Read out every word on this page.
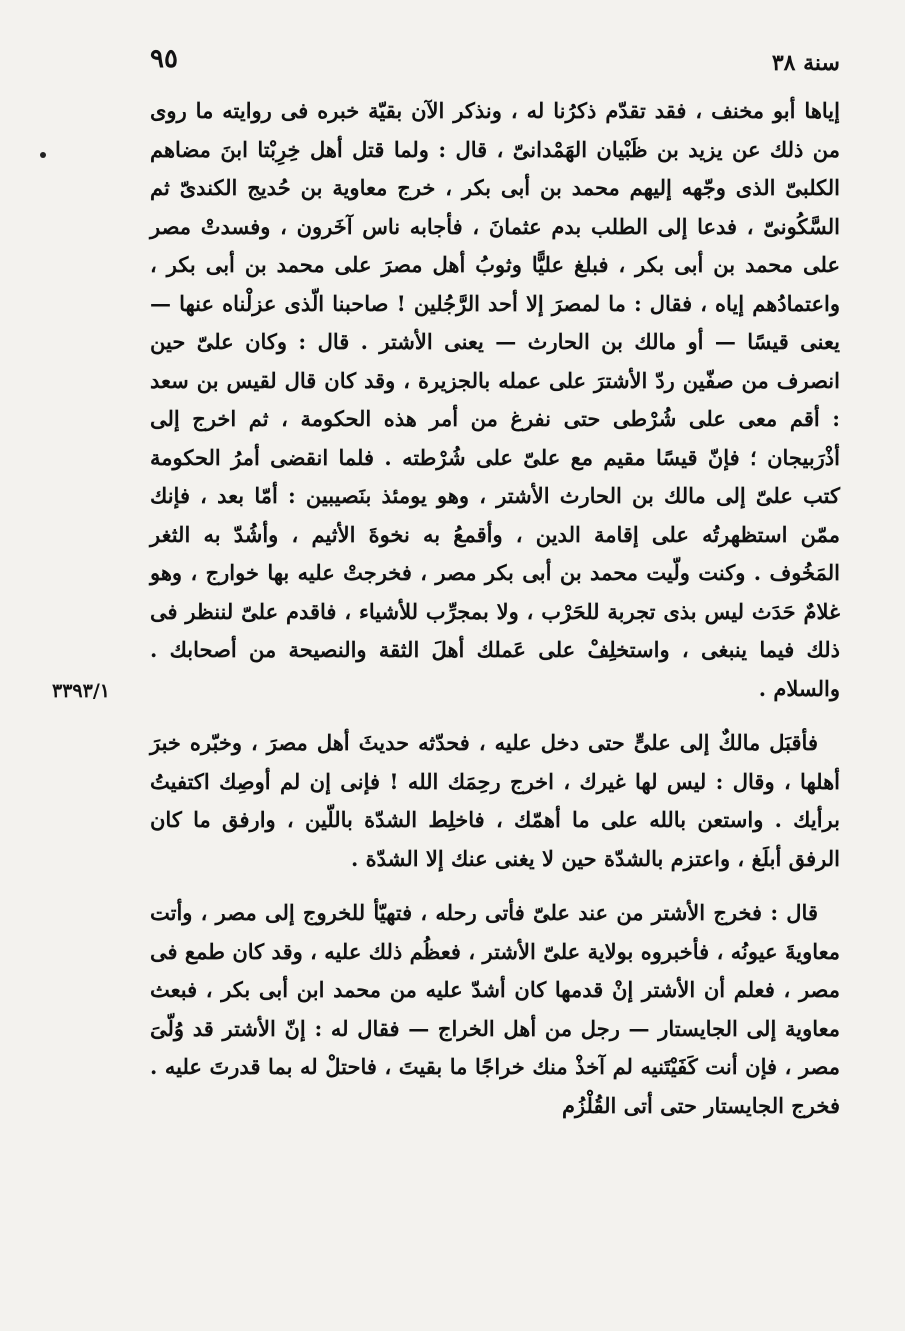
سنة ٣٨
٩٥
٣٣٩٣/١

إياها أبو مخنف ، فقد تقدّم ذكرُنا له ، ونذكر الآن بقيّة خبره فى روايته ما روى من ذلك عن يزيد بن ظَبْيان الهَمْدانىّ ، قال : ولما قتل أهل خِرِبْتا ابنَ مضاهم الكلبىّ الذى وجّهه إليهم محمد بن أبى بكر ، خرج معاوية بن حُديج الكندىّ ثم السَّكُونىّ ، فدعا إلى الطلب بدم عثمانَ ، فأجابه ناس آخَرون ، وفسدتْ مصر على محمد بن أبى بكر ، فبلغ عليًّا وثوبُ أهل مصرَ على محمد بن أبى بكر ، واعتمادُهم إياه ، فقال : ما لمصرَ إلا أحد الرَّجُلين ! صاحبنا الّذى عزلْناه عنها — يعنى قيسًا — أو مالك بن الحارث — يعنى الأشتر . قال : وكان علىّ حين انصرف من صفّين ردّ الأشترَ على عمله بالجزيرة ، وقد كان قال لقيس بن سعد : أقم معى على شُرْطى حتى نفرغ من أمر هذه الحكومة ، ثم اخرج إلى أذْرَبيجان ؛ فإنّ قيسًا مقيم مع علىّ على شُرْطته . فلما انقضى أمرُ الحكومة كتب علىّ إلى مالك بن الحارث الأشتر ، وهو يومئذ بنَصيبين : أمّا بعد ، فإنك ممّن استظهرتُه على إقامة الدين ، وأقمعُ به نخوةَ الأثيم ، وأشُدّ به الثغر المَخُوف . وكنت ولّيت محمد بن أبى بكر مصر ، فخرجتْ عليه بها خوارج ، وهو غلامٌ حَدَث ليس بذى تجربة للحَرْب ، ولا بمجرِّب للأشياء ، فاقدم علىّ لننظر فى ذلك فيما ينبغى ، واستخلِفْ على عَملك أهلَ الثقة والنصيحة من أصحابك . والسلام .

فأقبَل مالكٌ إلى علىٍّ حتى دخل عليه ، فحدّثه حديثَ أهل مصرَ ، وخبّره خبرَ أهلها ، وقال : ليس لها غيرك ، اخرج رحِمَك الله ! فإنى إن لم أوصِك اكتفيتُ برأيك . واستعن بالله على ما أهمّك ، فاخلِط الشدّة باللّين ، وارفق ما كان الرفق أبلَغ ، واعتزم بالشدّة حين لا يغنى عنك إلا الشدّة .

قال : فخرج الأشتر من عند علىّ فأتى رحله ، فتهيّأ للخروج إلى مصر ، وأتت معاويةَ عيونُه ، فأخبروه بولاية علىّ الأشتر ، فعظُم ذلك عليه ، وقد كان طمع فى مصر ، فعلم أن الأشتر إنْ قدمها كان أشدّ عليه من محمد ابن أبى بكر ، فبعث معاوية إلى الجايستار — رجل من أهل الخراج — فقال له : إنّ الأشتر قد وُلّىَ مصر ، فإن أنت كَفَيْتَنيه لم آخذْ منك خراجًا ما بقيتَ ، فاحتلْ له بما قدرتَ عليه . فخرج الجايستار حتى أتى القُلْزُم
